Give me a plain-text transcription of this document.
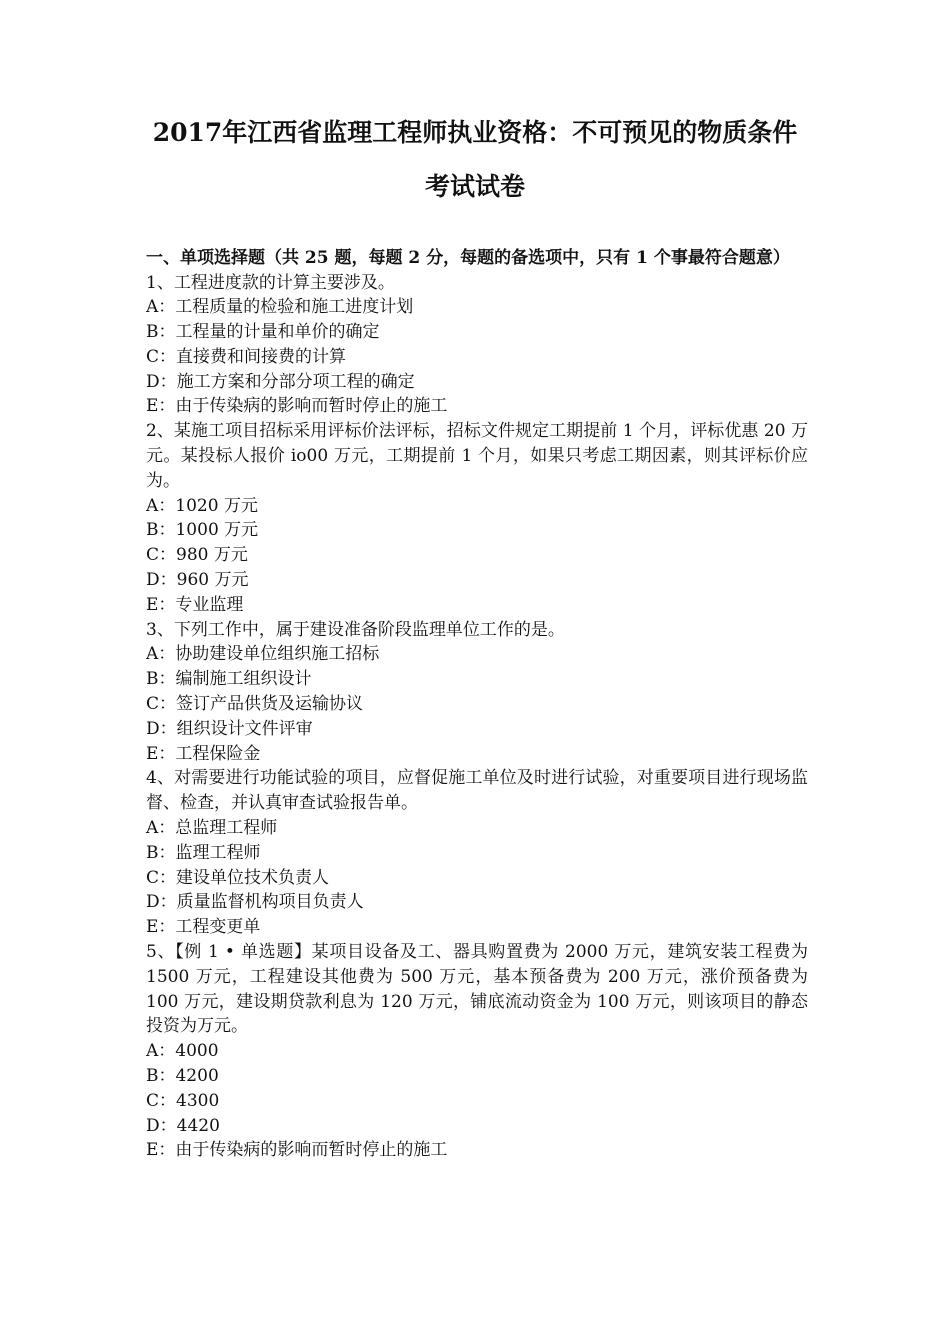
2017年江西省监理工程师执业资格：不可预见的物质条件
考试试卷

一、单项选择题（共 25 题，每题 2 分，每题的备选项中，只有 1 个事最符合题意）

1、工程进度款的计算主要涉及。

A：工程质量的检验和施工进度计划

B：工程量的计量和单价的确定

C：直接费和间接费的计算

D：施工方案和分部分项工程的确定

E：由于传染病的影响而暂时停止的施工

2、某施工项目招标采用评标价法评标，招标文件规定工期提前 1 个月，评标优惠 20 万元。某投标人报价 io00 万元，工期提前 1 个月，如果只考虑工期因素，则其评标价应为。

A：1020 万元

B：1000 万元

C：980 万元

D：960 万元

E：专业监理

3、下列工作中，属于建设准备阶段监理单位工作的是。

A：协助建设单位组织施工招标

B：编制施工组织设计

C：签订产品供货及运输协议

D：组织设计文件评审

E：工程保险金

4、对需要进行功能试验的项目，应督促施工单位及时进行试验，对重要项目进行现场监督、检查，并认真审查试验报告单。

A：总监理工程师

B：监理工程师

C：建设单位技术负责人

D：质量监督机构项目负责人

E：工程变更单

5、【例 1 • 单选题】某项目设备及工、器具购置费为 2000 万元，建筑安装工程费为 1500 万元，工程建设其他费为 500 万元，基本预备费为 200 万元，涨价预备费为 100 万元，建设期贷款利息为 120 万元，铺底流动资金为 100 万元，则该项目的静态投资为万元。

A：4000

B：4200

C：4300

D：4420

E：由于传染病的影响而暂时停止的施工
